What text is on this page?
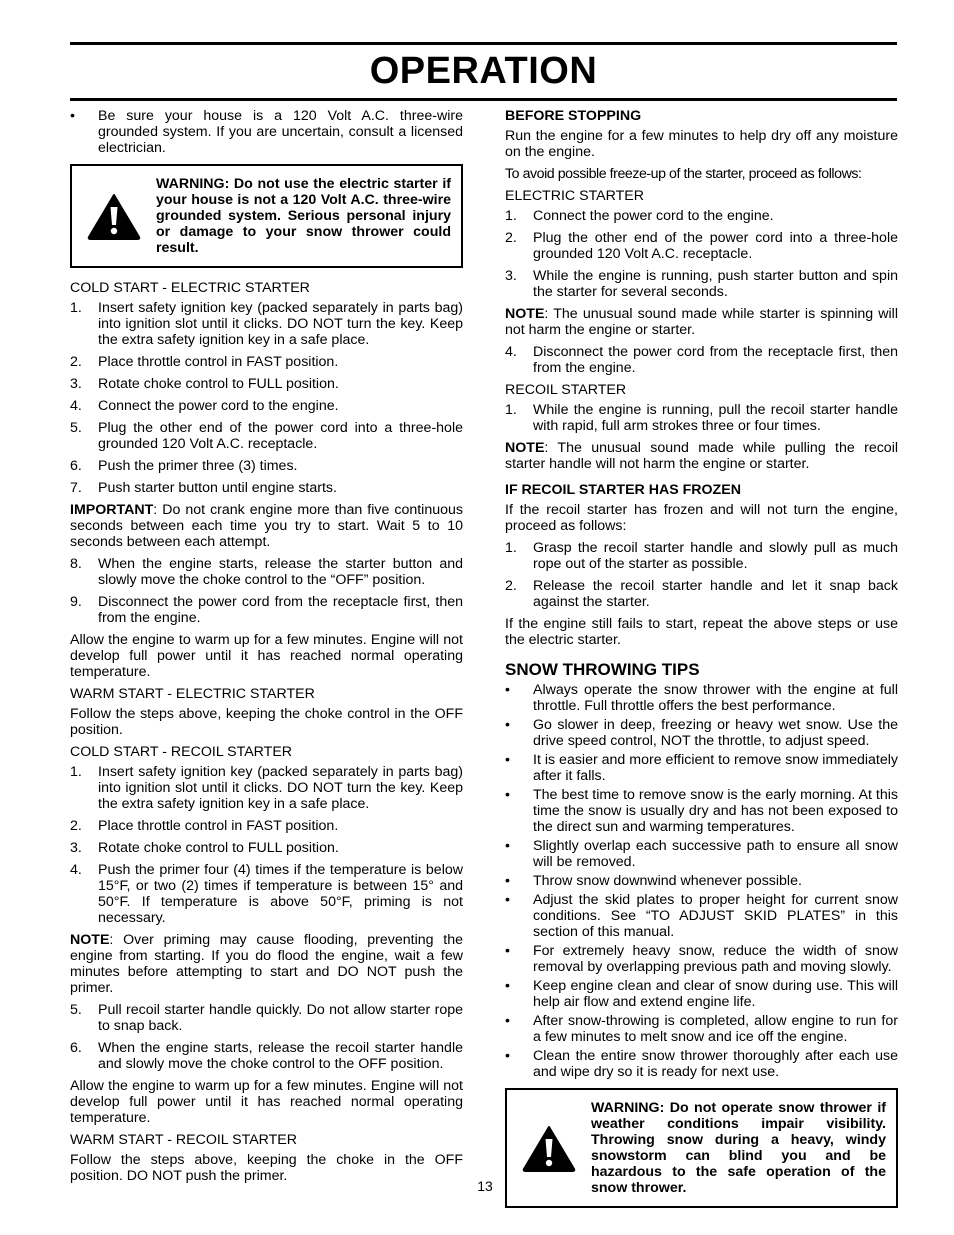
OPERATION
•	Be sure your house is a 120 Volt A.C. three-wire grounded system. If you are uncertain, consult a licensed electrician.
WARNING: Do not use the electric starter if your house is not a 120 Volt A.C. three-wire grounded system. Serious personal injury or damage to your snow thrower could result.
COLD START - ELECTRIC STARTER
1.	Insert safety ignition key (packed separately in parts bag) into ignition slot until it clicks. DO NOT turn the key. Keep the extra safety ignition key in a safe place.
2.	Place throttle control in FAST position.
3.	Rotate choke control to FULL position.
4.	Connect the power cord to the engine.
5.	Plug the other end of the power cord into a three-hole grounded 120 Volt A.C. receptacle.
6.	Push the primer three (3) times.
7.	Push starter button until engine starts.
IMPORTANT: Do not crank engine more than five continuous seconds between each time you try to start. Wait 5 to 10 seconds between each attempt.
8.	When the engine starts, release the starter button and slowly move the choke control to the “OFF” position.
9.	Disconnect the power cord from the receptacle first, then from the engine.
Allow the engine to warm up for a few minutes. Engine will not develop full power until it has reached normal operating temperature.
WARM START - ELECTRIC STARTER
Follow the steps above, keeping the choke control in the OFF position.
COLD START - RECOIL STARTER
1.	Insert safety ignition key (packed separately in parts bag) into ignition slot until it clicks. DO NOT turn the key. Keep the extra safety ignition key in a safe place.
2.	Place throttle control in FAST position.
3.	Rotate choke control to FULL position.
4.	Push the primer four (4) times if the temperature is below 15°F, or two (2) times if temperature is between 15° and 50°F. If temperature is above 50°F, priming is not necessary.
NOTE: Over priming may cause flooding, preventing the engine from starting. If you do flood the engine, wait a few minutes before attempting to start and DO NOT push the primer.
5.	Pull recoil starter handle quickly. Do not allow starter rope to snap back.
6.	When the engine starts, release the recoil starter handle and slowly move the choke control to the OFF position.
Allow the engine to warm up for a few minutes. Engine will not develop full power until it has reached normal operating temperature.
WARM START - RECOIL STARTER
Follow the steps above, keeping the choke in the OFF position. DO NOT push the primer.
BEFORE STOPPING
Run the engine for a few minutes to help dry off any moisture on the engine.
To avoid possible freeze-up of the starter, proceed as follows:
ELECTRIC STARTER
1.	Connect the power cord to the engine.
2.	Plug the other end of the power cord into a three-hole grounded 120 Volt A.C. receptacle.
3.	While the engine is running, push starter button and spin the starter for several seconds.
NOTE: The unusual sound made while starter is spinning will not harm the engine or starter.
4.	Disconnect the power cord from the receptacle first, then from the engine.
RECOIL STARTER
1.	While the engine is running, pull the recoil starter handle with rapid, full arm strokes three or four times.
NOTE: The unusual sound made while pulling the recoil starter handle will not harm the engine or starter.
IF RECOIL STARTER HAS FROZEN
If the recoil starter has frozen and will not turn the engine, proceed as follows:
1.	Grasp the recoil starter handle and slowly pull as much rope out of the starter as possible.
2.	Release the recoil starter handle and let it snap back against the starter.
If the engine still fails to start, repeat the above steps or use the electric starter.
SNOW THROWING TIPS
•	Always operate the snow thrower with the engine at full throttle. Full throttle offers the best performance.
•	Go slower in deep, freezing or heavy wet snow. Use the drive speed control, NOT the throttle, to adjust speed.
•	It is easier and more efficient to remove snow immediately after it falls.
•	The best time to remove snow is the early morning. At this time the snow is usually dry and has not been exposed to the direct sun and warming temperatures.
•	Slightly overlap each successive path to ensure all snow will be removed.
•	Throw snow downwind whenever possible.
•	Adjust the skid plates to proper height for current snow conditions. See “TO ADJUST SKID PLATES” in this section of this manual.
•	For extremely heavy snow, reduce the width of snow removal by overlapping previous path and moving slowly.
•	Keep engine clean and clear of snow during use. This will help air flow and extend engine life.
•	After snow-throwing is completed, allow engine to run for a few minutes to melt snow and ice off the engine.
•	Clean the entire snow thrower thoroughly after each use and wipe dry so it is ready for next use.
WARNING: Do not operate snow thrower if weather conditions impair visibility. Throwing snow during a heavy, windy snowstorm can blind you and be hazardous to the safe operation of the snow thrower.
13
